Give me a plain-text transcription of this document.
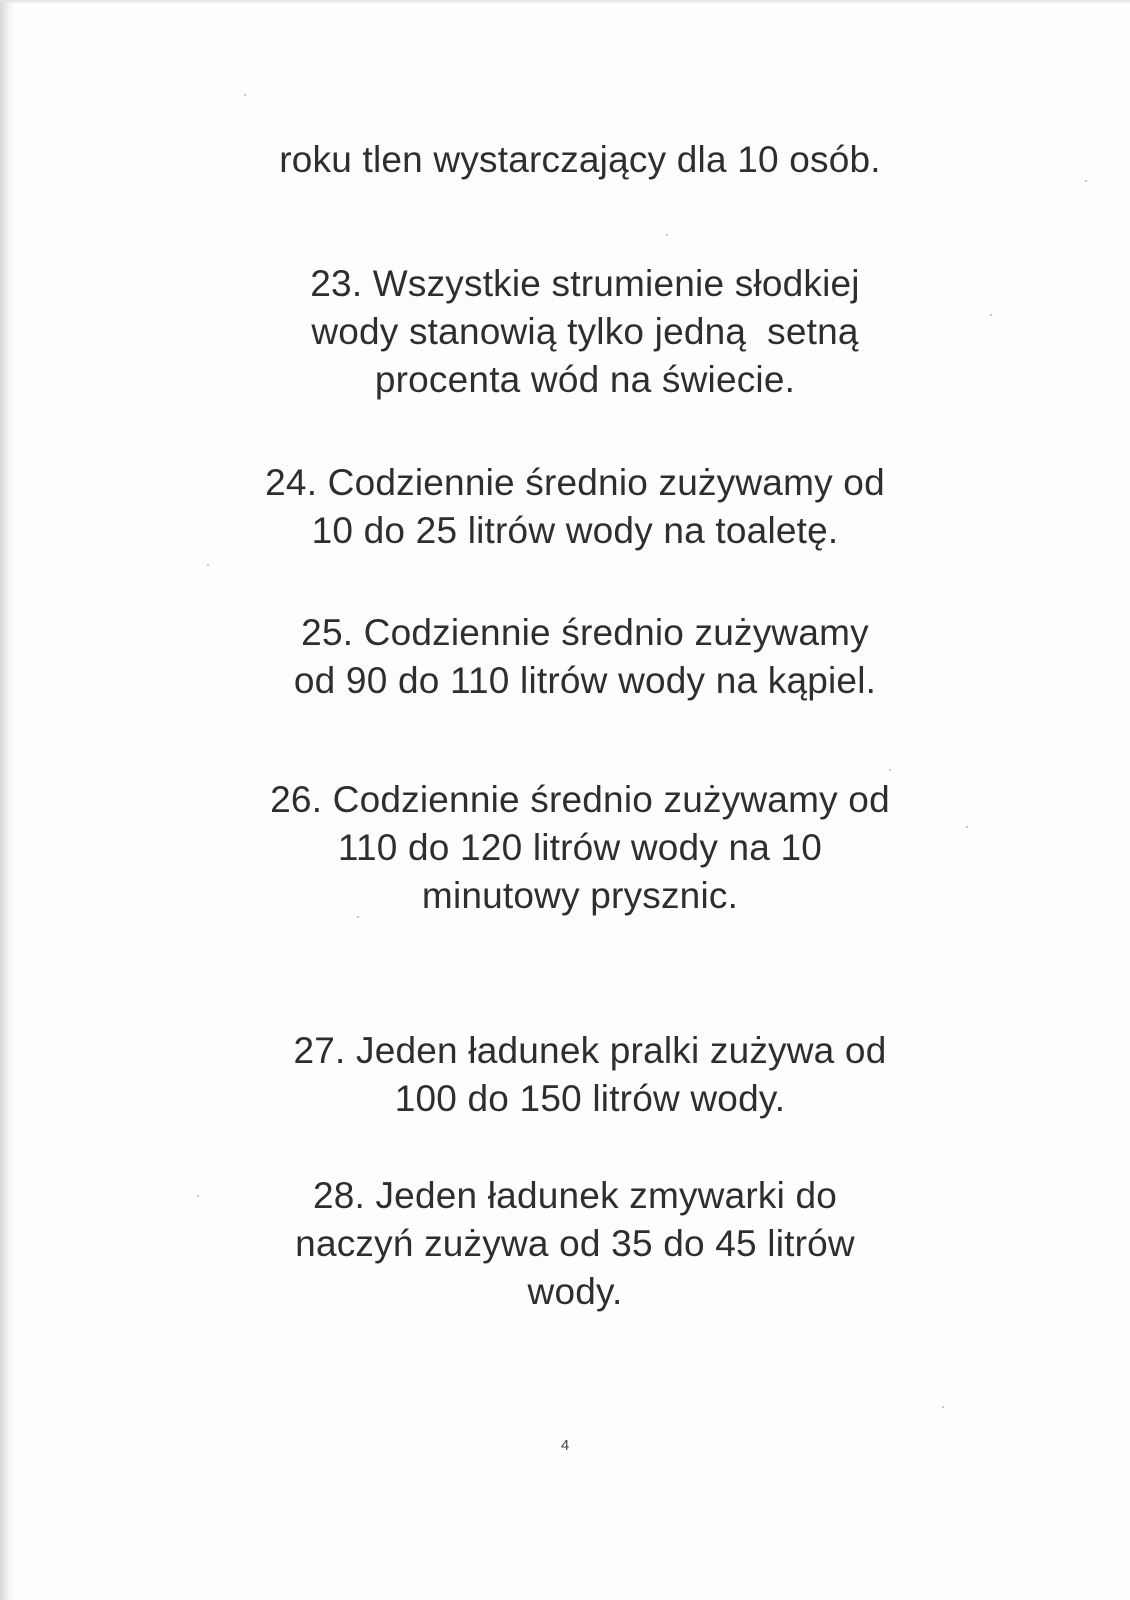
roku tlen wystarczający dla 10 osób.
23. Wszystkie strumienie słodkiej
wody stanowią tylko jedną  setną
procenta wód na świecie.
24. Codziennie średnio zużywamy od
10 do 25 litrów wody na toaletę.
25. Codziennie średnio zużywamy
od 90 do 110 litrów wody na kąpiel.
26. Codziennie średnio zużywamy od
110 do 120 litrów wody na 10
minutowy prysznic.
27. Jeden ładunek pralki zużywa od
100 do 150 litrów wody.
28. Jeden ładunek zmywarki do
naczyń zużywa od 35 do 45 litrów
wody.
4
